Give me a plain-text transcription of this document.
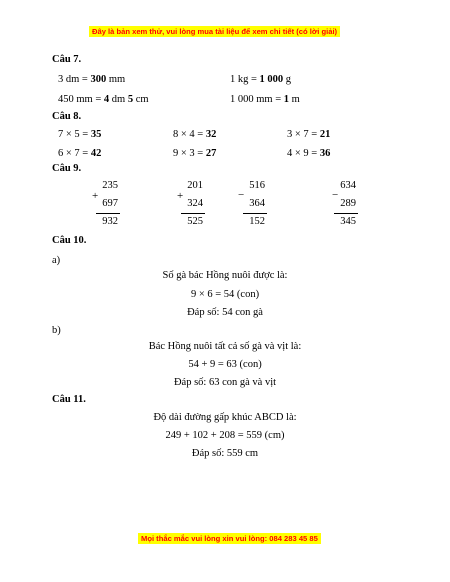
Đây là bản xem thử, vui lòng mua tài liệu để xem chi tiết (có lời giải)
Câu 7.
3 dm = 300 mm	1 kg = 1 000 g
450 mm = 4 dm 5 cm	1 000 mm = 1 m
Câu 8.
7 × 5 = 35	8 × 4 = 32	3 × 7 = 21
6 × 7 = 42	9 × 3 = 27	4 × 9 = 36
Câu 9.
+
235
697
932
+
201
324
525
−
516
364
152
−
634
289
345
Câu 10.
a)
Số gà bác Hồng nuôi được là:
9 × 6 = 54 (con)
Đáp số: 54 con gà
b)
Bác Hồng nuôi tất cả số gà và vịt là:
54 + 9 = 63 (con)
Đáp số: 63 con gà và vịt
Câu 11.
Độ dài đường gấp khúc ABCD là:
249 + 102 + 208 = 559 (cm)
Đáp số: 559 cm
Mọi thắc mắc vui lòng xin vui lòng: 084 283 45 85
